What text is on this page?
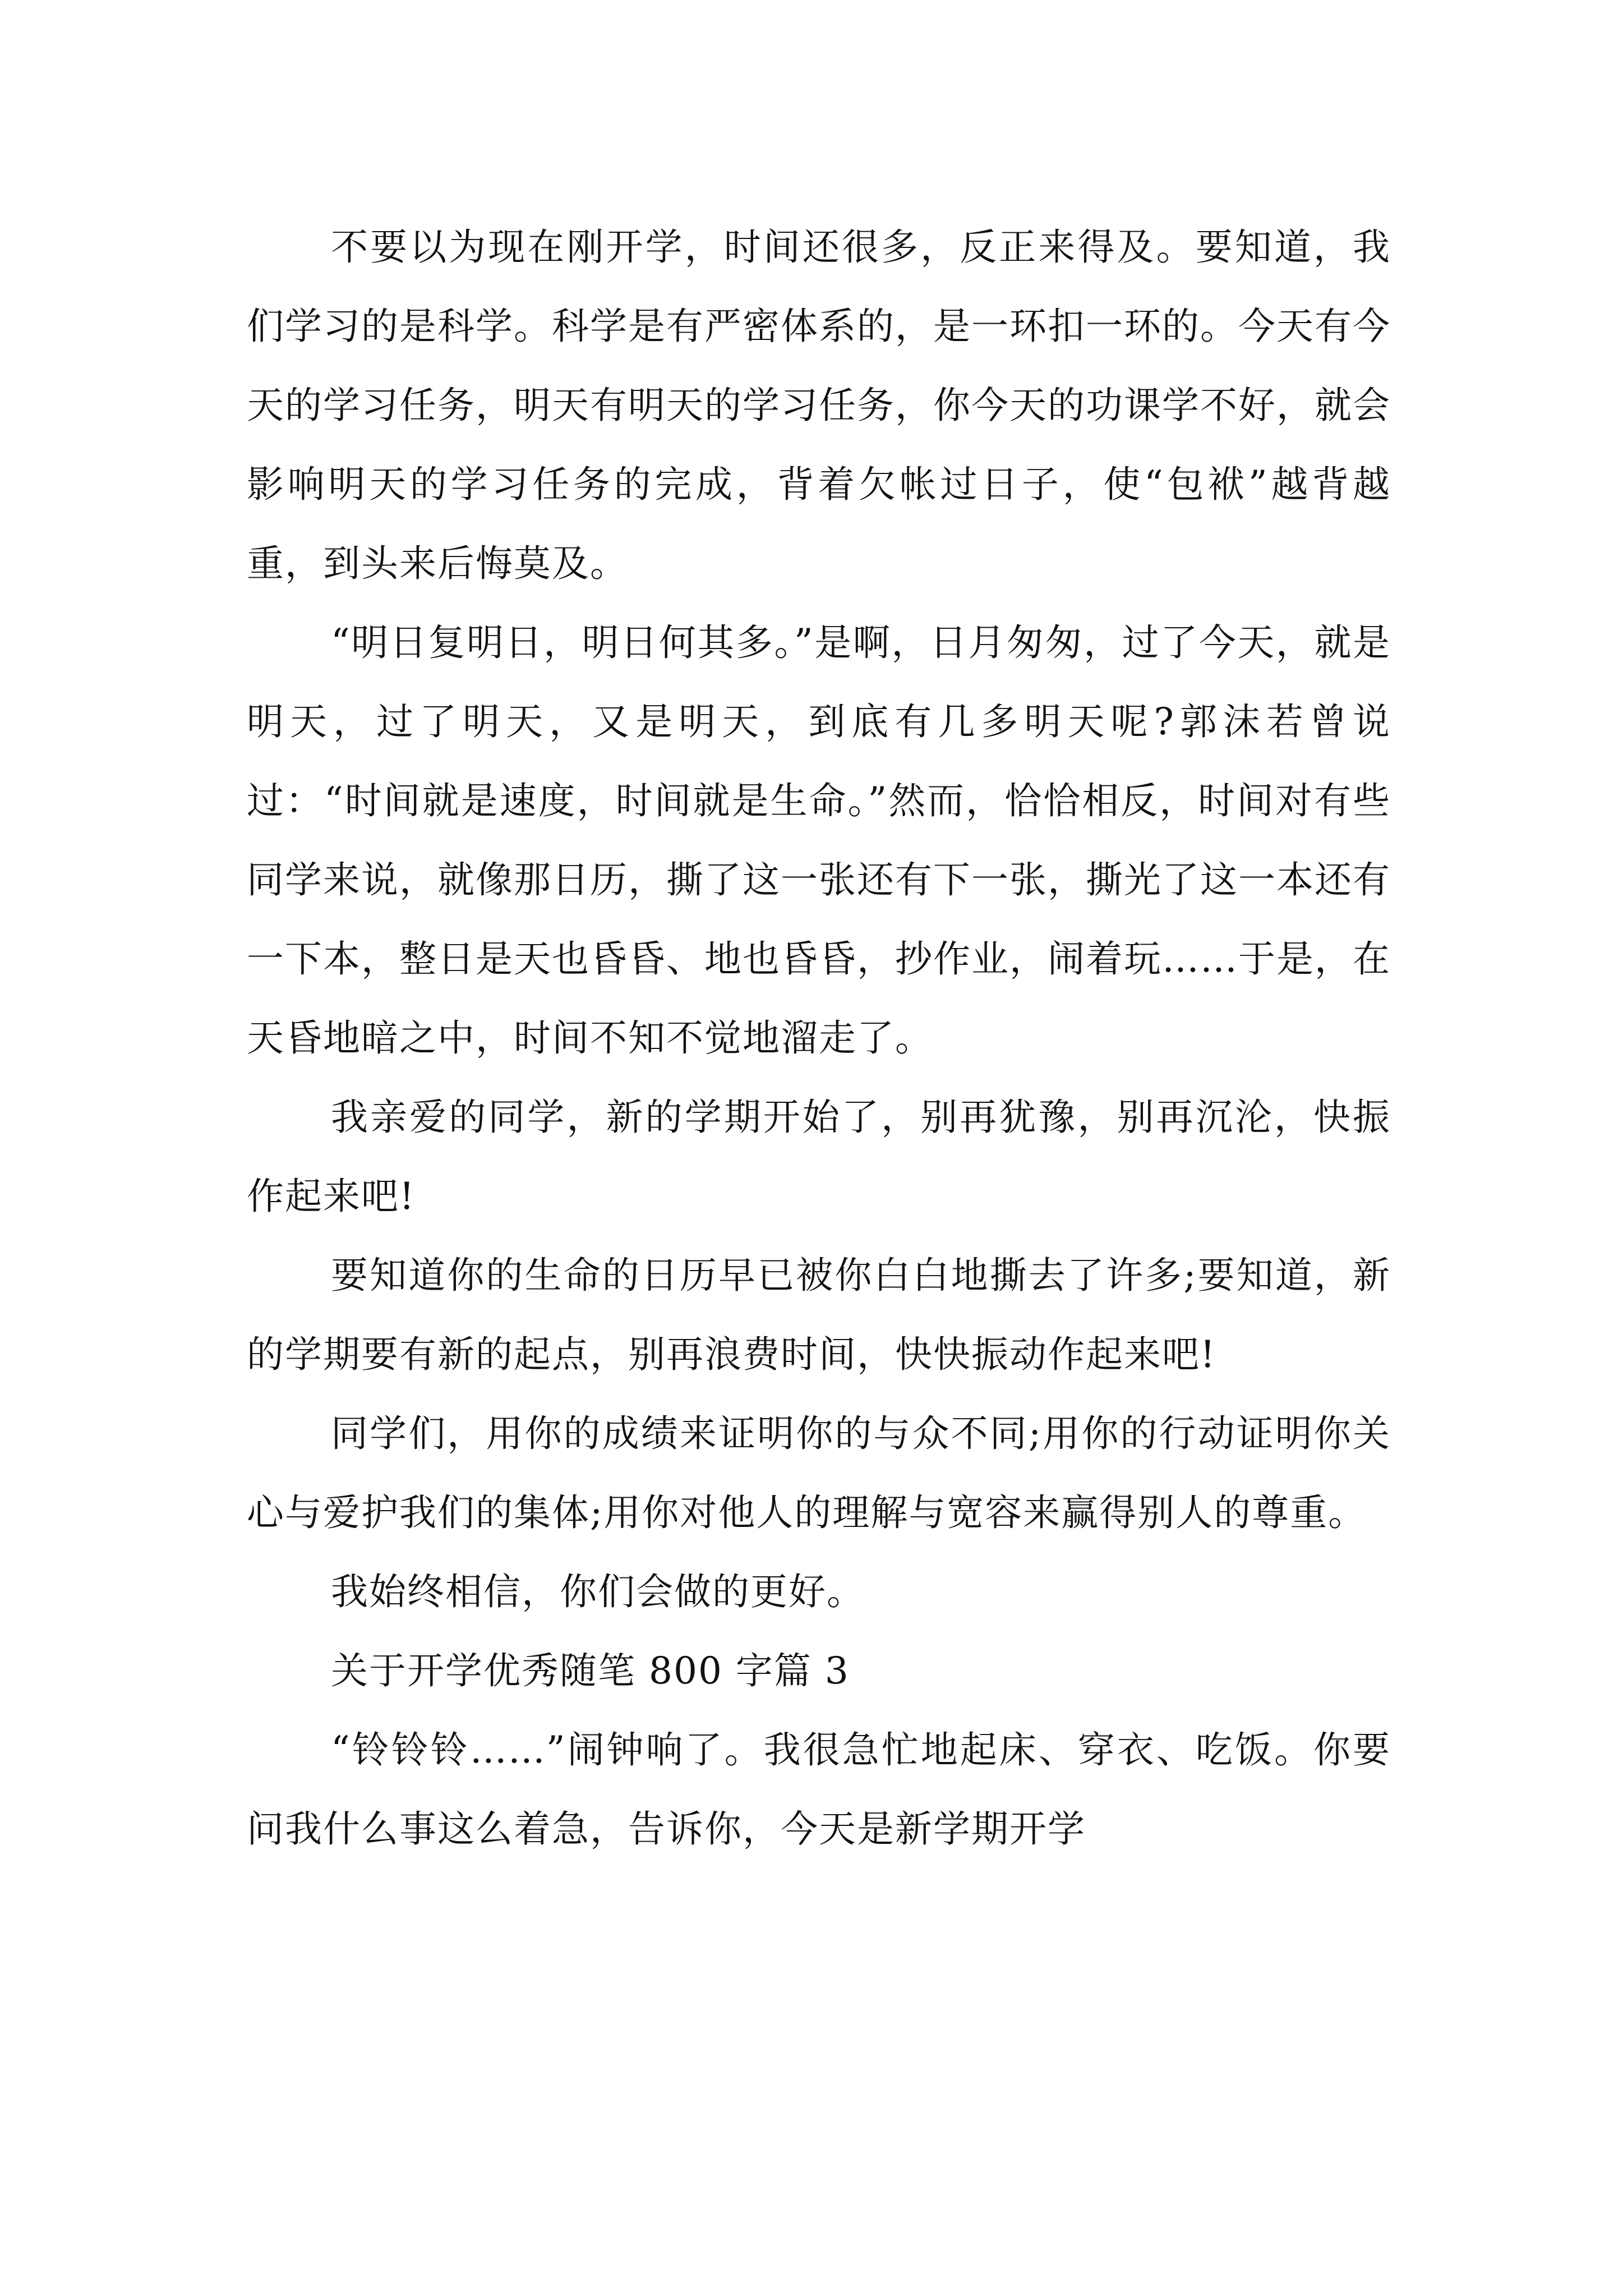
不要以为现在刚开学，时间还很多，反正来得及。要知道，我们学习的是科学。科学是有严密体系的，是一环扣一环的。今天有今天的学习任务，明天有明天的学习任务，你今天的功课学不好，就会影响明天的学习任务的完成，背着欠帐过日子，使“包袱”越背越重，到头来后悔莫及。

“明日复明日，明日何其多。”是啊，日月匆匆，过了今天，就是明天，过了明天，又是明天，到底有几多明天呢?郭沫若曾说过：“时间就是速度，时间就是生命。”然而，恰恰相反，时间对有些同学来说，就像那日历，撕了这一张还有下一张，撕光了这一本还有一下本，整日是天也昏昏、地也昏昏，抄作业，闹着玩……于是，在天昏地暗之中，时间不知不觉地溜走了。

我亲爱的同学，新的学期开始了，别再犹豫，别再沉沦，快振作起来吧!

要知道你的生命的日历早已被你白白地撕去了许多;要知道，新的学期要有新的起点，别再浪费时间，快快振动作起来吧!

同学们，用你的成绩来证明你的与众不同;用你的行动证明你关心与爱护我们的集体;用你对他人的理解与宽容来赢得别人的尊重。

我始终相信，你们会做的更好。

关于开学优秀随笔 800 字篇 3

“铃铃铃……”闹钟响了。我很急忙地起床、穿衣、吃饭。你要问我什么事这么着急，告诉你，今天是新学期开学
